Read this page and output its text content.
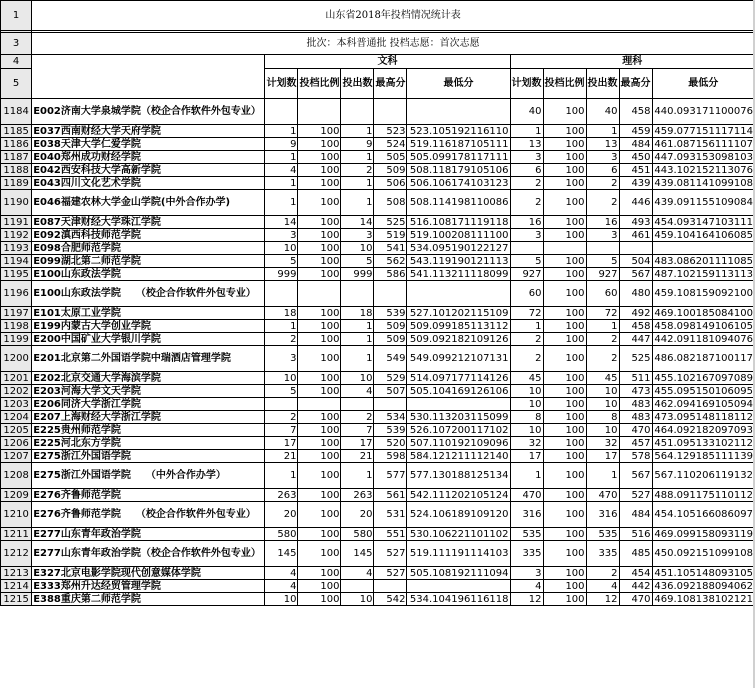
1	山东省2018年投档情况统计表										
2											
3	批次：本科普通批 投档志愿：首次志愿										
4		文科					理科				
5		计划数	投档比例	投出数	最高分	最低分	计划数	投档比例	投出数	最高分	最低分
1184	E002济南大学泉城学院（校企合作软件外包专业）						40	100	40	458	440.093171100076
1185	E037西南财经大学天府学院	1	100	1	523	523.105192116110	1	100	1	459	459.077151117114
1186	E038天津大学仁爱学院	9	100	9	524	519.116187105111	13	100	13	484	461.087156111107
1187	E040郑州成功财经学院	1	100	1	505	505.099178117111	3	100	3	450	447.093153098103
1188	E042西安科技大学高新学院	4	100	2	509	508.118179105106	6	100	6	451	443.102152113076
1189	E043四川文化艺术学院	1	100	1	506	506.106174103123	2	100	2	439	439.081141099108
1190	E046福建农林大学金山学院(中外合作办学)	1	100	1	508	508.114198110086	2	100	2	446	439.091155109084
1191	E087天津财经大学珠江学院	14	100	14	525	516.108171119118	16	100	16	493	454.093147103111
1192	E092滇西科技师范学院	3	100	3	519	519.100208111100	3	100	3	461	459.104164106085
1193	E098合肥师范学院	10	100	10	541	534.095190122127					
1194	E099湖北第二师范学院	5	100	5	562	543.119190121113	5	100	5	504	483.086201111085
1195	E100山东政法学院	999	100	999	586	541.113211118099	927	100	927	567	487.102159113113
1196	E100山东政法学院　　（校企合作软件外包专业）						60	100	60	480	459.108159092100
1197	E101太原工业学院	18	100	18	539	527.101202115109	72	100	72	492	469.100185084100
1198	E199内蒙古大学创业学院	1	100	1	509	509.099185113112	1	100	1	458	458.098149106105
1199	E200中国矿业大学银川学院	2	100	1	509	509.092182109126	2	100	2	447	442.091181094076
1200	E201北京第二外国语学院中瑞酒店管理学院	3	100	1	549	549.099212107131	2	100	2	525	486.082187100117
1201	E202北京交通大学海滨学院	10	100	10	529	514.097177114126	45	100	45	511	455.102167097089
1202	E203河海大学文天学院	5	100	4	507	505.104169126106	10	100	10	473	455.095150106095
1203	E206同济大学浙江学院						10	100	10	483	462.094169105094
1204	E207上海财经大学浙江学院	2	100	2	534	530.113203115099	8	100	8	483	473.095148118112
1205	E225贵州师范学院	7	100	7	539	526.107200117102	10	100	10	470	464.092182097093
1206	E225河北东方学院	17	100	17	520	507.110192109096	32	100	32	457	451.095133102112
1207	E275浙江外国语学院	21	100	21	598	584.121211112140	17	100	17	578	564.129185111139
1208	E275浙江外国语学院　　（中外合作办学）	1	100	1	577	577.130188125134	1	100	1	567	567.110206119132
1209	E276齐鲁师范学院	263	100	263	561	542.111202105124	470	100	470	527	488.091175110112
1210	E276齐鲁师范学院　　（校企合作软件外包专业）	20	100	20	531	524.106189109120	316	100	316	484	454.105166086097
1211	E277山东青年政治学院	580	100	580	551	530.106221101102	535	100	535	516	469.099158093119
1212	E277山东青年政治学院（校企合作软件外包专业）	145	100	145	527	519.111191114103	335	100	335	485	450.092151099108
1213	E327北京电影学院现代创意媒体学院	4	100	4	527	505.108192111094	3	100	2	454	451.105148093105
1214	E333郑州升达经贸管理学院	4	100				4	100	4	442	436.092188094062
1215	E388重庆第二师范学院	10	100	10	542	534.104196116118	12	100	12	470	469.108138102121
